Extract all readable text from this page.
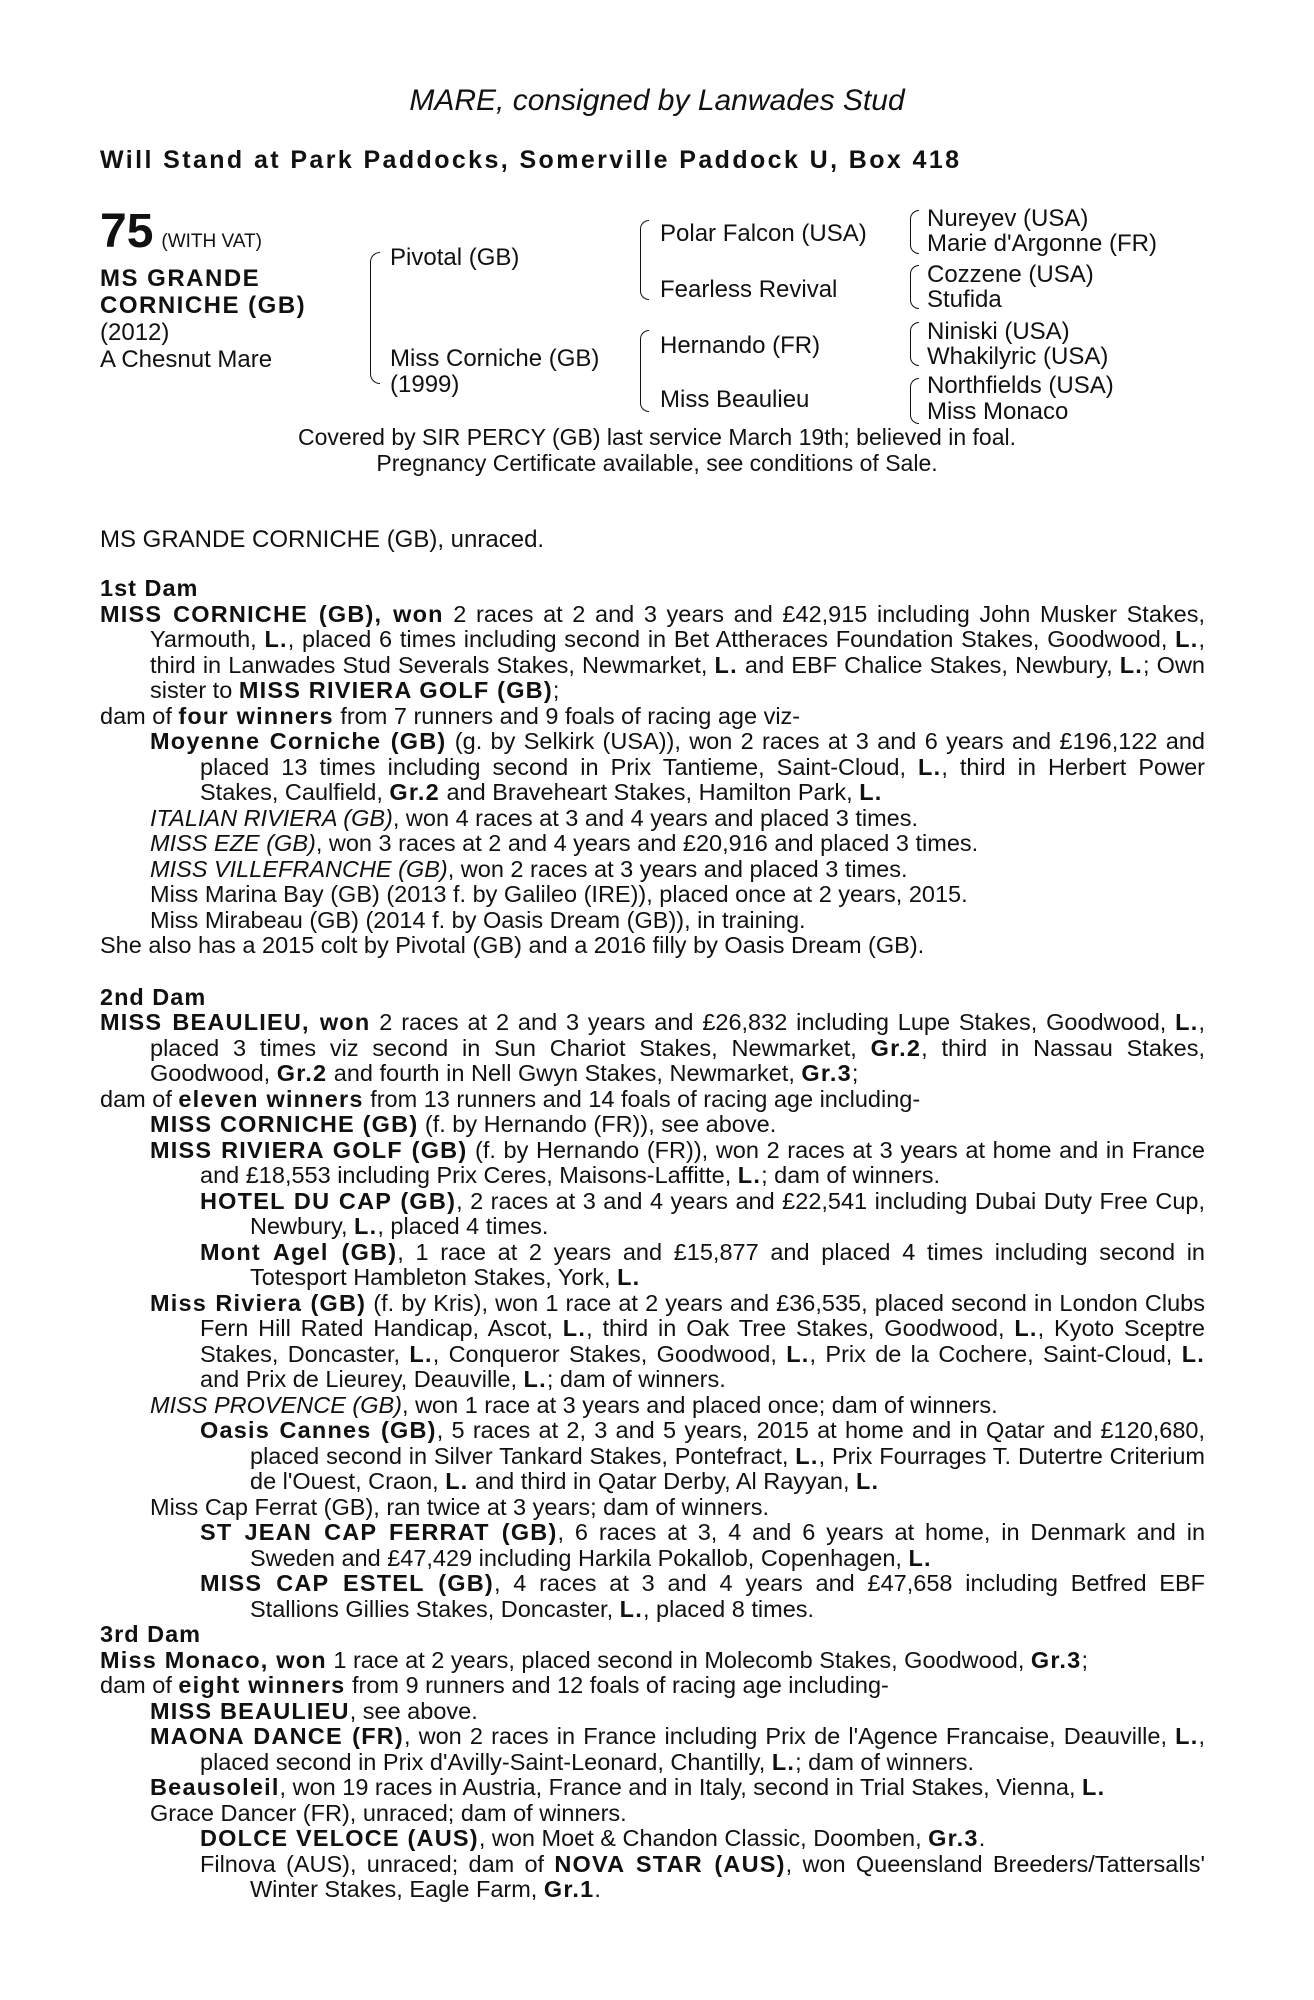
MARE, consigned by Lanwades Stud
Will Stand at Park Paddocks, Somerville Paddock U, Box 418
75 (WITH VAT)
MS GRANDE
CORNICHE (GB)
(2012)
A Chesnut Mare
Pivotal (GB)
Miss Corniche (GB)
(1999)
Polar Falcon (USA)
Fearless Revival
Hernando (FR)
Miss Beaulieu
Nureyev (USA)
Marie d'Argonne (FR)
Cozzene (USA)
Stufida
Niniski (USA)
Whakilyric (USA)
Northfields (USA)
Miss Monaco
Covered by SIR PERCY (GB) last service March 19th; believed in foal.
Pregnancy Certificate available, see conditions of Sale.
MS GRANDE CORNICHE (GB), unraced.
1st Dam
MISS CORNICHE (GB), won 2 races at 2 and 3 years and £42,915 including John Musker Stakes, Yarmouth, L., placed 6 times including second in Bet Attheraces Foundation Stakes, Goodwood, L., third in Lanwades Stud Severals Stakes, Newmarket, L. and EBF Chalice Stakes, Newbury, L.; Own sister to MISS RIVIERA GOLF (GB);
dam of four winners from 7 runners and 9 foals of racing age viz-
Moyenne Corniche (GB) (g. by Selkirk (USA)), won 2 races at 3 and 6 years and £196,122 and placed 13 times including second in Prix Tantieme, Saint-Cloud, L., third in Herbert Power Stakes, Caulfield, Gr.2 and Braveheart Stakes, Hamilton Park, L.
ITALIAN RIVIERA (GB), won 4 races at 3 and 4 years and placed 3 times.
MISS EZE (GB), won 3 races at 2 and 4 years and £20,916 and placed 3 times.
MISS VILLEFRANCHE (GB), won 2 races at 3 years and placed 3 times.
Miss Marina Bay (GB) (2013 f. by Galileo (IRE)), placed once at 2 years, 2015.
Miss Mirabeau (GB) (2014 f. by Oasis Dream (GB)), in training.
She also has a 2015 colt by Pivotal (GB) and a 2016 filly by Oasis Dream (GB).
2nd Dam
MISS BEAULIEU, won 2 races at 2 and 3 years and £26,832 including Lupe Stakes, Goodwood, L., placed 3 times viz second in Sun Chariot Stakes, Newmarket, Gr.2, third in Nassau Stakes, Goodwood, Gr.2 and fourth in Nell Gwyn Stakes, Newmarket, Gr.3;
dam of eleven winners from 13 runners and 14 foals of racing age including-
MISS CORNICHE (GB) (f. by Hernando (FR)), see above.
MISS RIVIERA GOLF (GB) (f. by Hernando (FR)), won 2 races at 3 years at home and in France and £18,553 including Prix Ceres, Maisons-Laffitte, L.; dam of winners.
HOTEL DU CAP (GB), 2 races at 3 and 4 years and £22,541 including Dubai Duty Free Cup, Newbury, L., placed 4 times.
Mont Agel (GB), 1 race at 2 years and £15,877 and placed 4 times including second in Totesport Hambleton Stakes, York, L.
Miss Riviera (GB) (f. by Kris), won 1 race at 2 years and £36,535, placed second in London Clubs Fern Hill Rated Handicap, Ascot, L., third in Oak Tree Stakes, Goodwood, L., Kyoto Sceptre Stakes, Doncaster, L., Conqueror Stakes, Goodwood, L., Prix de la Cochere, Saint-Cloud, L. and Prix de Lieurey, Deauville, L.; dam of winners.
MISS PROVENCE (GB), won 1 race at 3 years and placed once; dam of winners.
Oasis Cannes (GB), 5 races at 2, 3 and 5 years, 2015 at home and in Qatar and £120,680, placed second in Silver Tankard Stakes, Pontefract, L., Prix Fourrages T. Dutertre Criterium de l'Ouest, Craon, L. and third in Qatar Derby, Al Rayyan, L.
Miss Cap Ferrat (GB), ran twice at 3 years; dam of winners.
ST JEAN CAP FERRAT (GB), 6 races at 3, 4 and 6 years at home, in Denmark and in Sweden and £47,429 including Harkila Pokallob, Copenhagen, L.
MISS CAP ESTEL (GB), 4 races at 3 and 4 years and £47,658 including Betfred EBF Stallions Gillies Stakes, Doncaster, L., placed 8 times.
3rd Dam
Miss Monaco, won 1 race at 2 years, placed second in Molecomb Stakes, Goodwood, Gr.3;
dam of eight winners from 9 runners and 12 foals of racing age including-
MISS BEAULIEU, see above.
MAONA DANCE (FR), won 2 races in France including Prix de l'Agence Francaise, Deauville, L., placed second in Prix d'Avilly-Saint-Leonard, Chantilly, L.; dam of winners.
Beausoleil, won 19 races in Austria, France and in Italy, second in Trial Stakes, Vienna, L.
Grace Dancer (FR), unraced; dam of winners.
DOLCE VELOCE (AUS), won Moet & Chandon Classic, Doomben, Gr.3.
Filnova (AUS), unraced; dam of NOVA STAR (AUS), won Queensland Breeders/Tattersalls' Winter Stakes, Eagle Farm, Gr.1.
